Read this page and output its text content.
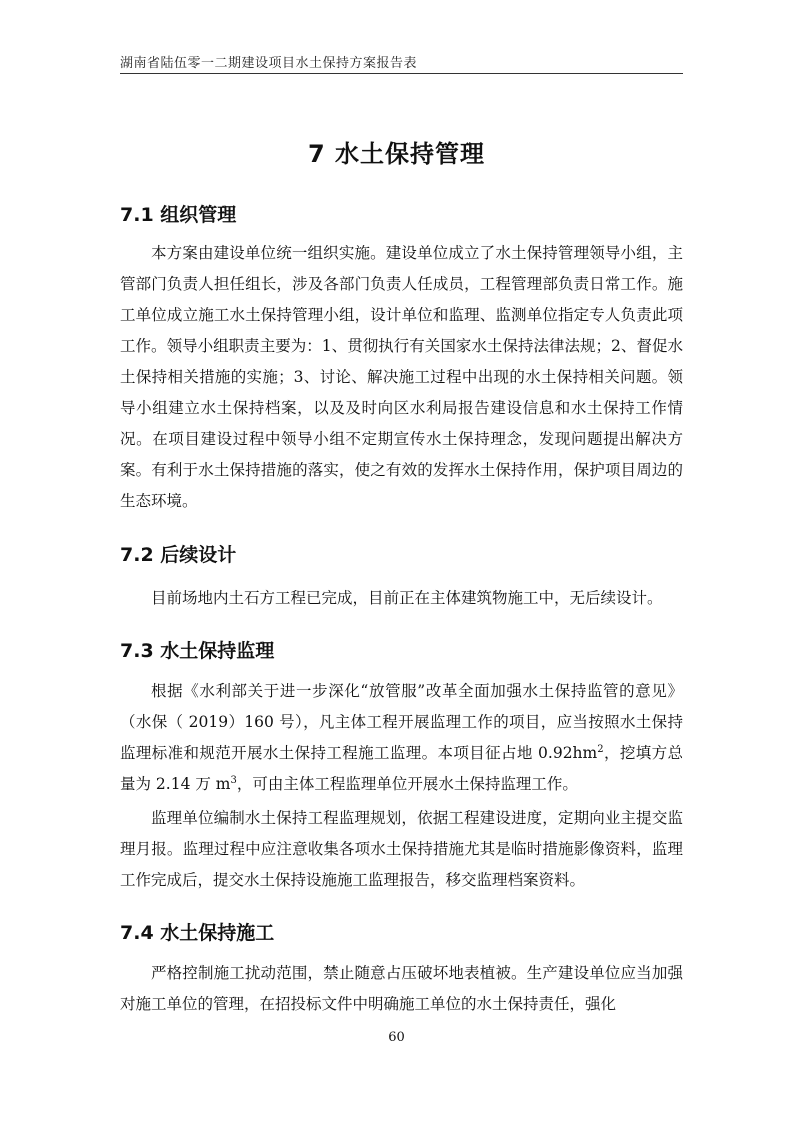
湖南省陆伍零一二期建设项目水土保持方案报告表
7 水土保持管理
7.1 组织管理

本方案由建设单位统一组织实施。建设单位成立了水土保持管理领导小组，主管部门负责人担任组长，涉及各部门负责人任成员，工程管理部负责日常工作。施工单位成立施工水土保持管理小组，设计单位和监理、监测单位指定专人负责此项工作。领导小组职责主要为：1、贯彻执行有关国家水土保持法律法规；2、督促水土保持相关措施的实施；3、讨论、解决施工过程中出现的水土保持相关问题。领导小组建立水土保持档案，以及及时向区水利局报告建设信息和水土保持工作情况。在项目建设过程中领导小组不定期宣传水土保持理念，发现问题提出解决方案。有利于水土保持措施的落实，使之有效的发挥水土保持作用，保护项目周边的生态环境。

7.2 后续设计

目前场地内土石方工程已完成，目前正在主体建筑物施工中，无后续设计。

7.3 水土保持监理

根据《水利部关于进一步深化“放管服”改革全面加强水土保持监管的意见》（水保（ 2019）160 号），凡主体工程开展监理工作的项目，应当按照水土保持监理标准和规范开展水土保持工程施工监理。本项目征占地 $0.92hm^2$，挖填方总量为 2.14 万 $m^3$，可由主体工程监理单位开展水土保持监理工作。

监理单位编制水土保持工程监理规划，依据工程建设进度，定期向业主提交监理月报。监理过程中应注意收集各项水土保持措施尤其是临时措施影像资料，监理工作完成后，提交水土保持设施施工监理报告，移交监理档案资料。

7.4 水土保持施工

严格控制施工扰动范围，禁止随意占压破坏地表植被。生产建设单位应当加强对施工单位的管理，在招投标文件中明确施工单位的水土保持责任，强化

60
